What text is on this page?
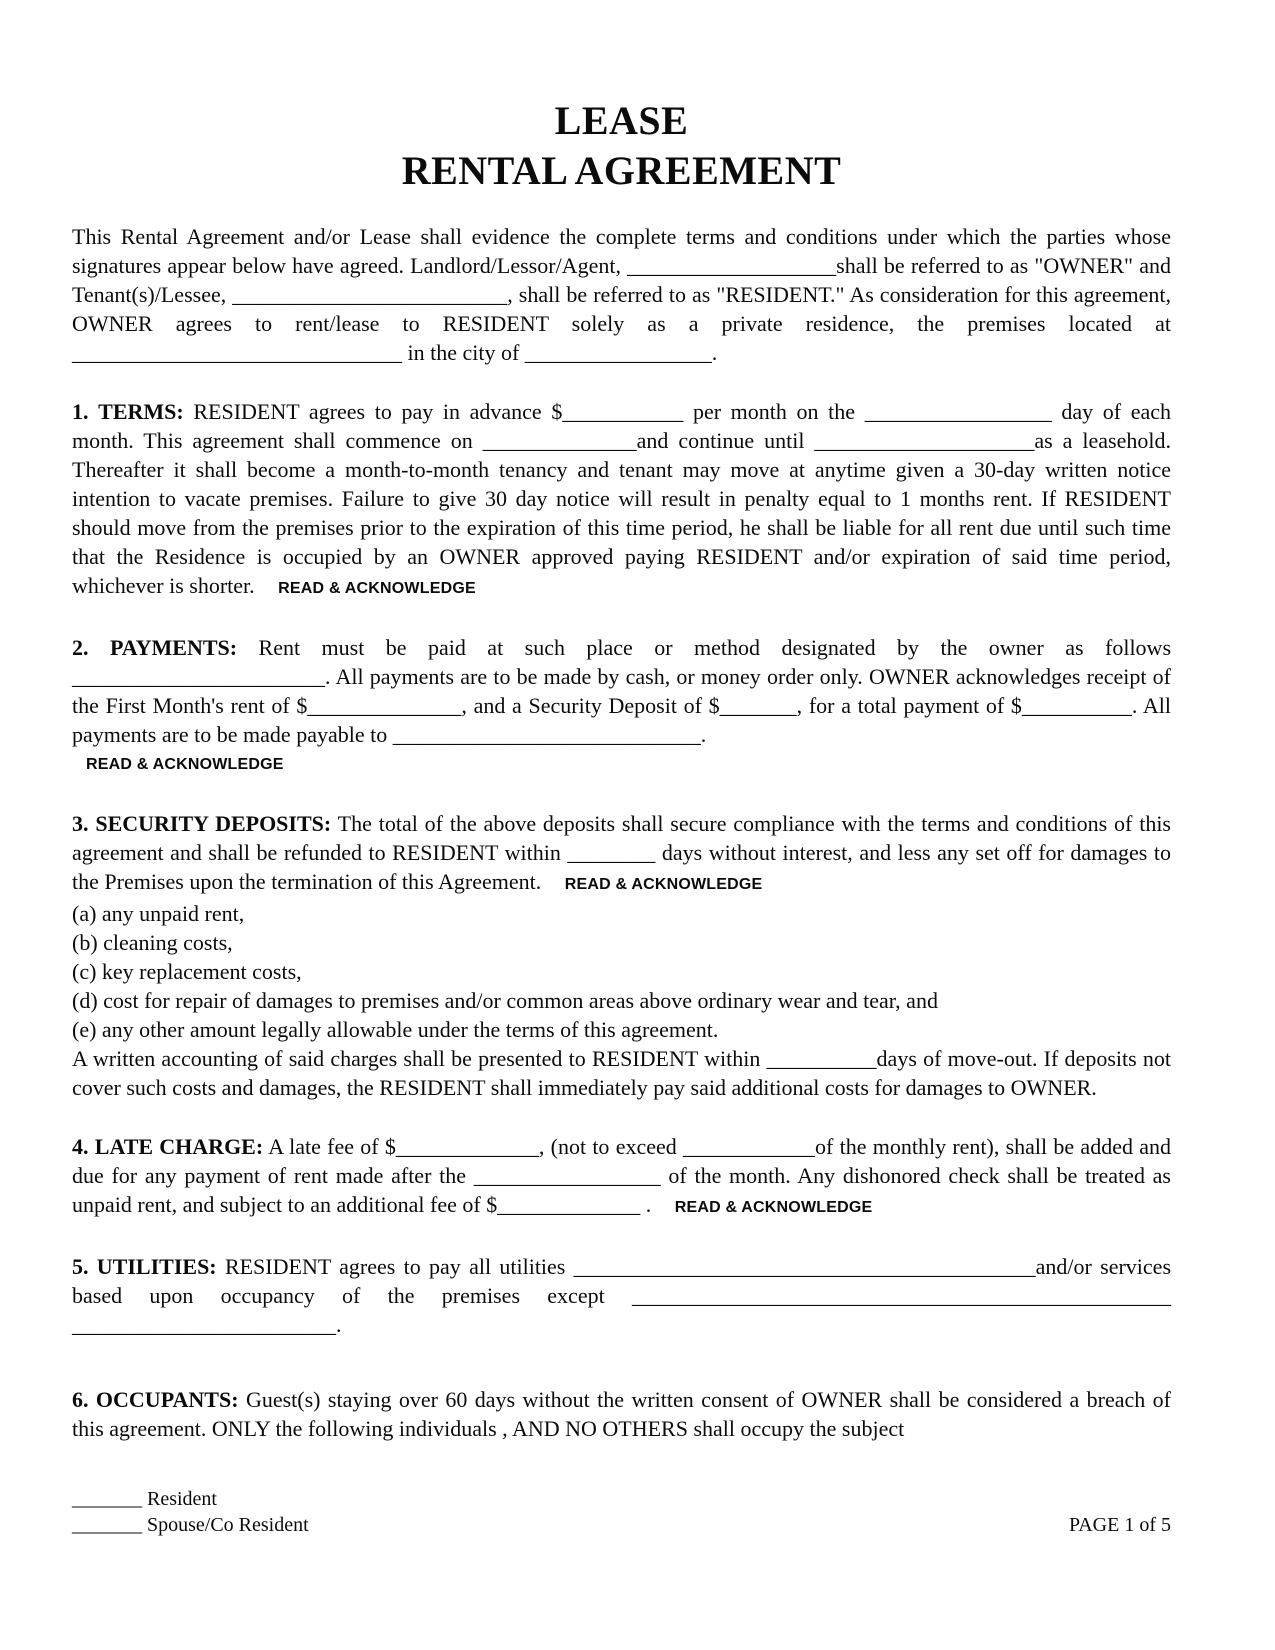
LEASE
RENTAL AGREEMENT
This Rental Agreement and/or Lease shall evidence the complete terms and conditions under which the parties whose signatures appear below have agreed. Landlord/Lessor/Agent, ___________________shall be referred to as "OWNER" and Tenant(s)/Lessee, _________________________, shall be referred to as "RESIDENT." As consideration for this agreement, OWNER agrees to rent/lease to RESIDENT solely as a private residence, the premises located at ______________________________ in the city of _________________.
1. TERMS: RESIDENT agrees to pay in advance $___________ per month on the _________________ day of each month. This agreement shall commence on ______________and continue until ____________________as a leasehold. Thereafter it shall become a month-to-month tenancy and tenant may move at anytime given a 30-day written notice intention to vacate premises. Failure to give 30 day notice will result in penalty equal to 1 months rent. If RESIDENT should move from the premises prior to the expiration of this time period, he shall be liable for all rent due until such time that the Residence is occupied by an OWNER approved paying RESIDENT and/or expiration of said time period, whichever is shorter. READ & ACKNOWLEDGE
2. PAYMENTS: Rent must be paid at such place or method designated by the owner as follows _______________________. All payments are to be made by cash, or money order only. OWNER acknowledges receipt of the First Month's rent of $______________, and a Security Deposit of $_______, for a total payment of $__________. All payments are to be made payable to ____________________________.
READ & ACKNOWLEDGE
3. SECURITY DEPOSITS: The total of the above deposits shall secure compliance with the terms and conditions of this agreement and shall be refunded to RESIDENT within ________ days without interest, and less any set off for damages to the Premises upon the termination of this Agreement. READ & ACKNOWLEDGE
(a) any unpaid rent,
(b) cleaning costs,
(c) key replacement costs,
(d) cost for repair of damages to premises and/or common areas above ordinary wear and tear, and
(e) any other amount legally allowable under the terms of this agreement.
A written accounting of said charges shall be presented to RESIDENT within __________days of move-out. If deposits not cover such costs and damages, the RESIDENT shall immediately pay said additional costs for damages to OWNER.
4. LATE CHARGE: A late fee of $_____________, (not to exceed ____________of the monthly rent), shall be added and due for any payment of rent made after the _________________ of the month. Any dishonored check shall be treated as unpaid rent, and subject to an additional fee of $_____________ . READ & ACKNOWLEDGE
5. UTILITIES: RESIDENT agrees to pay all utilities __________________________________________and/or services based upon occupancy of the premises except _________________________________________________ ________________________.
6. OCCUPANTS: Guest(s) staying over 60 days without the written consent of OWNER shall be considered a breach of this agreement. ONLY the following individuals , AND NO OTHERS shall occupy the subject
_______ Resident
_______ Spouse/Co Resident	PAGE 1 of 5
